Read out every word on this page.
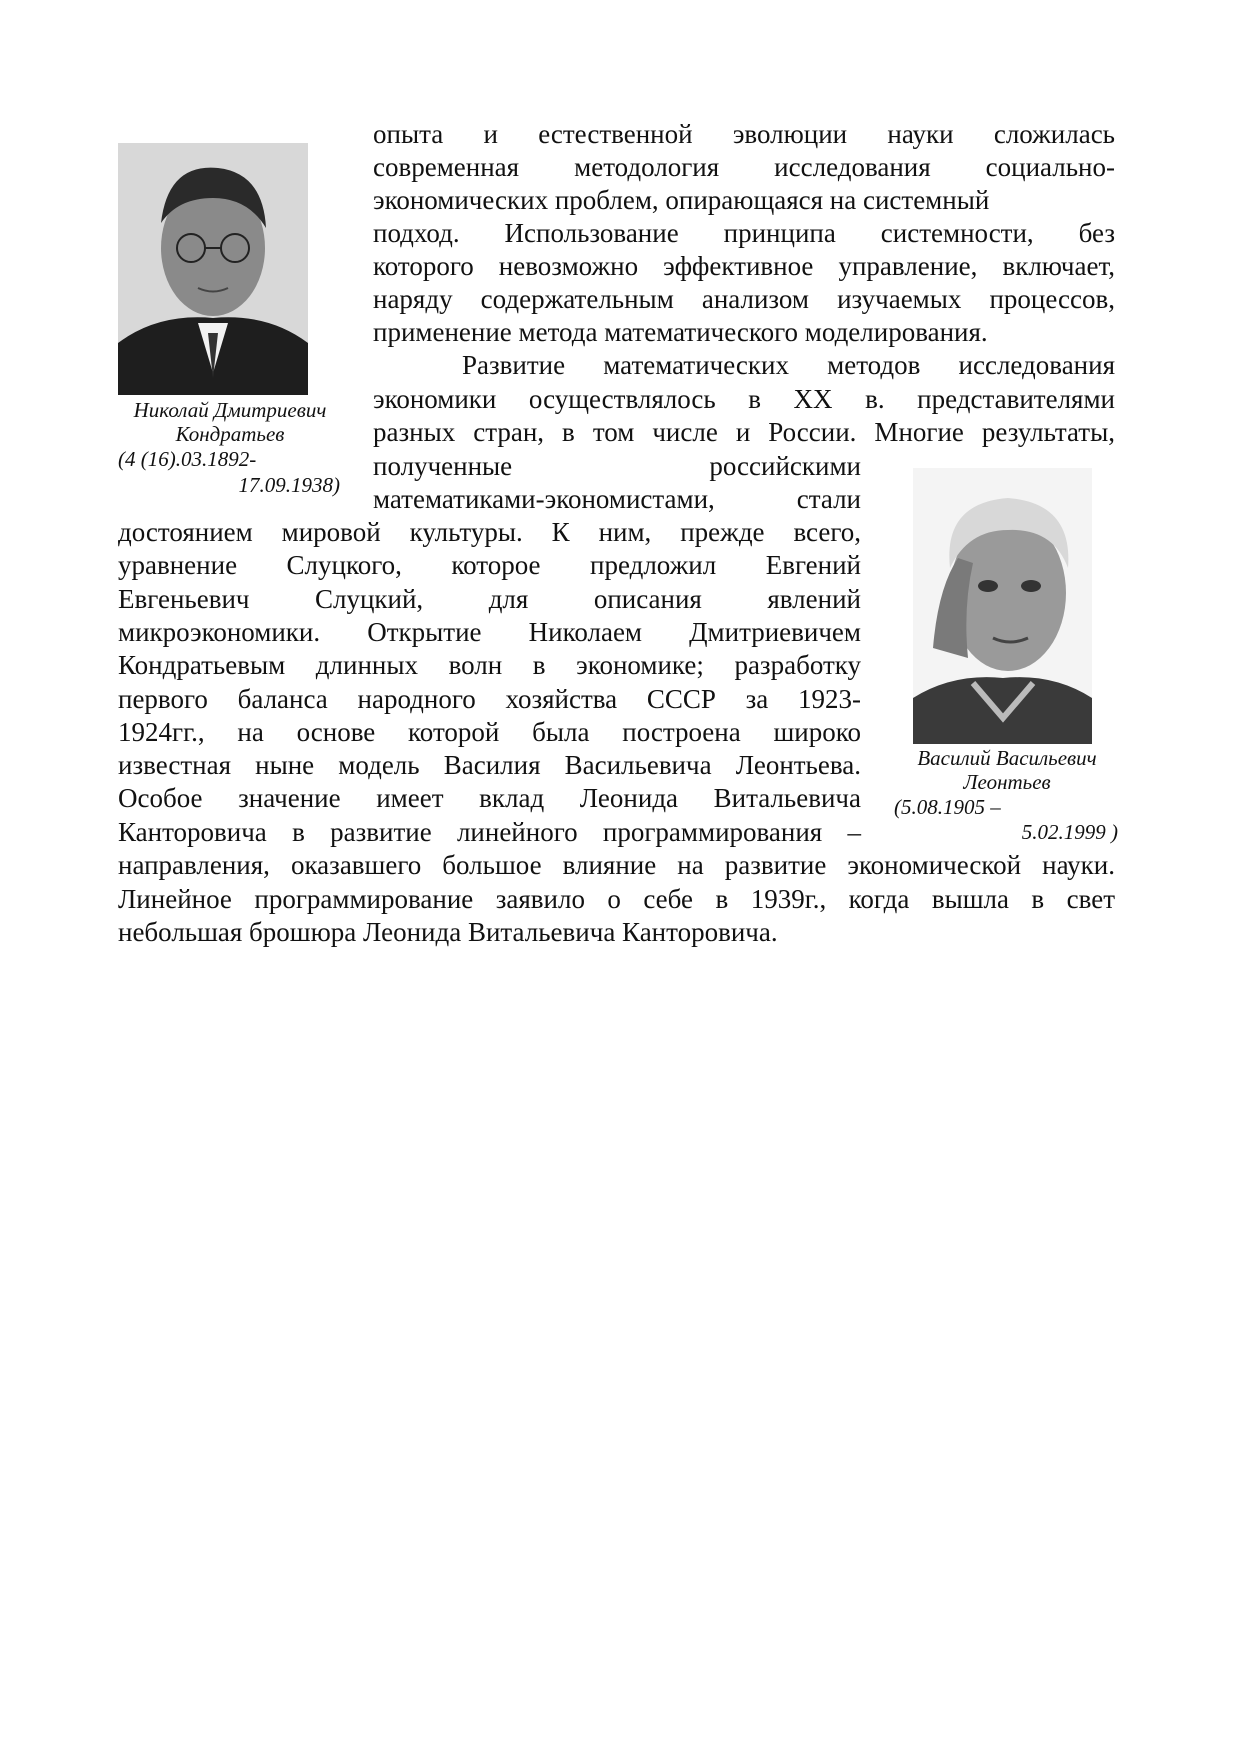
Николай Дмитриевич
Кондратьев
(4 (16).03.1892-
17.09.1938)
Василий Васильевич
Леонтьев
(5.08.1905 –
5.02.1999 )
опыта и естественной эволюции науки сложилась
современная методология исследования социально-
экономических проблем, опирающаяся на системный
подход. Использование принципа системности, без
которого невозможно эффективное управление, включает,
наряду содержательным анализом изучаемых процессов,
применение метода математического моделирования.
Развитие математических методов исследования
экономики осуществлялось в XX в. представителями
разных стран, в том числе и России. Многие результаты,
полученные российскими
математиками-экономистами, стали
достоянием мировой культуры. К ним, прежде всего,
уравнение Слуцкого, которое предложил Евгений
Евгеньевич Слуцкий, для описания явлений
микроэкономики. Открытие Николаем Дмитриевичем
Кондратьевым длинных волн в экономике; разработку
первого баланса народного хозяйства СССР за 1923-
1924гг., на основе которой была построена широко
известная ныне модель Василия Васильевича Леонтьева.
Особое значение имеет вклад Леонида Витальевича
Канторовича в развитие линейного программирования –
направления, оказавшего большое влияние на развитие экономической науки.
Линейное программирование заявило о себе в 1939г., когда вышла в свет
небольшая брошюра Леонида Витальевича Канторовича.
